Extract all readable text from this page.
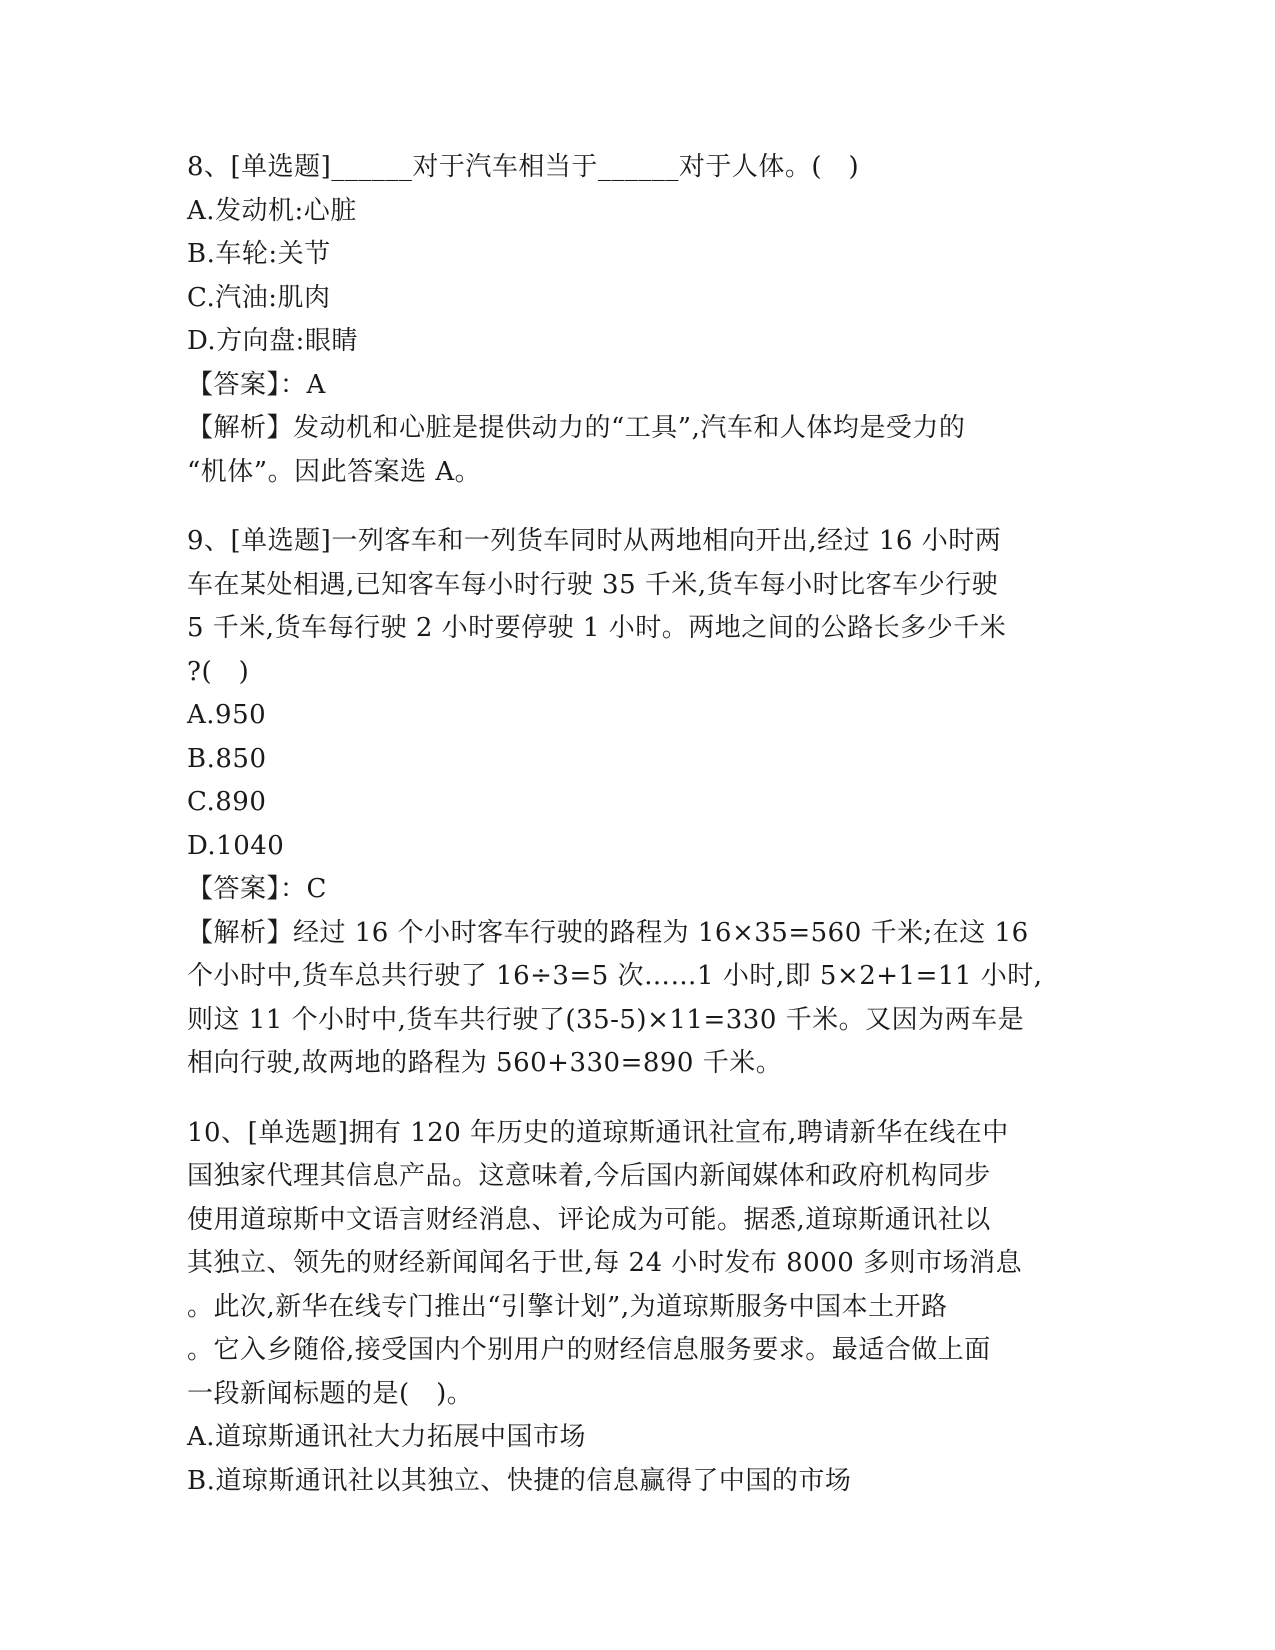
8、[单选题]______对于汽车相当于______对于人体。(　)
A.发动机:心脏
B.车轮:关节
C.汽油:肌肉
D.方向盘:眼睛
【答案】：A
【解析】发动机和心脏是提供动力的“工具”,汽车和人体均是受力的
“机体”。因此答案选 A。
9、[单选题]一列客车和一列货车同时从两地相向开出,经过 16 小时两
车在某处相遇,已知客车每小时行驶 35 千米,货车每小时比客车少行驶
5 千米,货车每行驶 2 小时要停驶 1 小时。两地之间的公路长多少千米
?(　)
A.950
B.850
C.890
D.1040
【答案】：C
【解析】经过 16 个小时客车行驶的路程为 16×35=560 千米;在这 16
个小时中,货车总共行驶了 16÷3=5 次……1 小时,即 5×2+1=11 小时,
则这 11 个小时中,货车共行驶了(35-5)×11=330 千米。又因为两车是
相向行驶,故两地的路程为 560+330=890 千米。
10、[单选题]拥有 120 年历史的道琼斯通讯社宣布,聘请新华在线在中
国独家代理其信息产品。这意味着,今后国内新闻媒体和政府机构同步
使用道琼斯中文语言财经消息、评论成为可能。据悉,道琼斯通讯社以
其独立、领先的财经新闻闻名于世,每 24 小时发布 8000 多则市场消息
。此次,新华在线专门推出“引擎计划”,为道琼斯服务中国本土开路
。它入乡随俗,接受国内个别用户的财经信息服务要求。最适合做上面
一段新闻标题的是(　)。
A.道琼斯通讯社大力拓展中国市场
B.道琼斯通讯社以其独立、快捷的信息赢得了中国的市场
